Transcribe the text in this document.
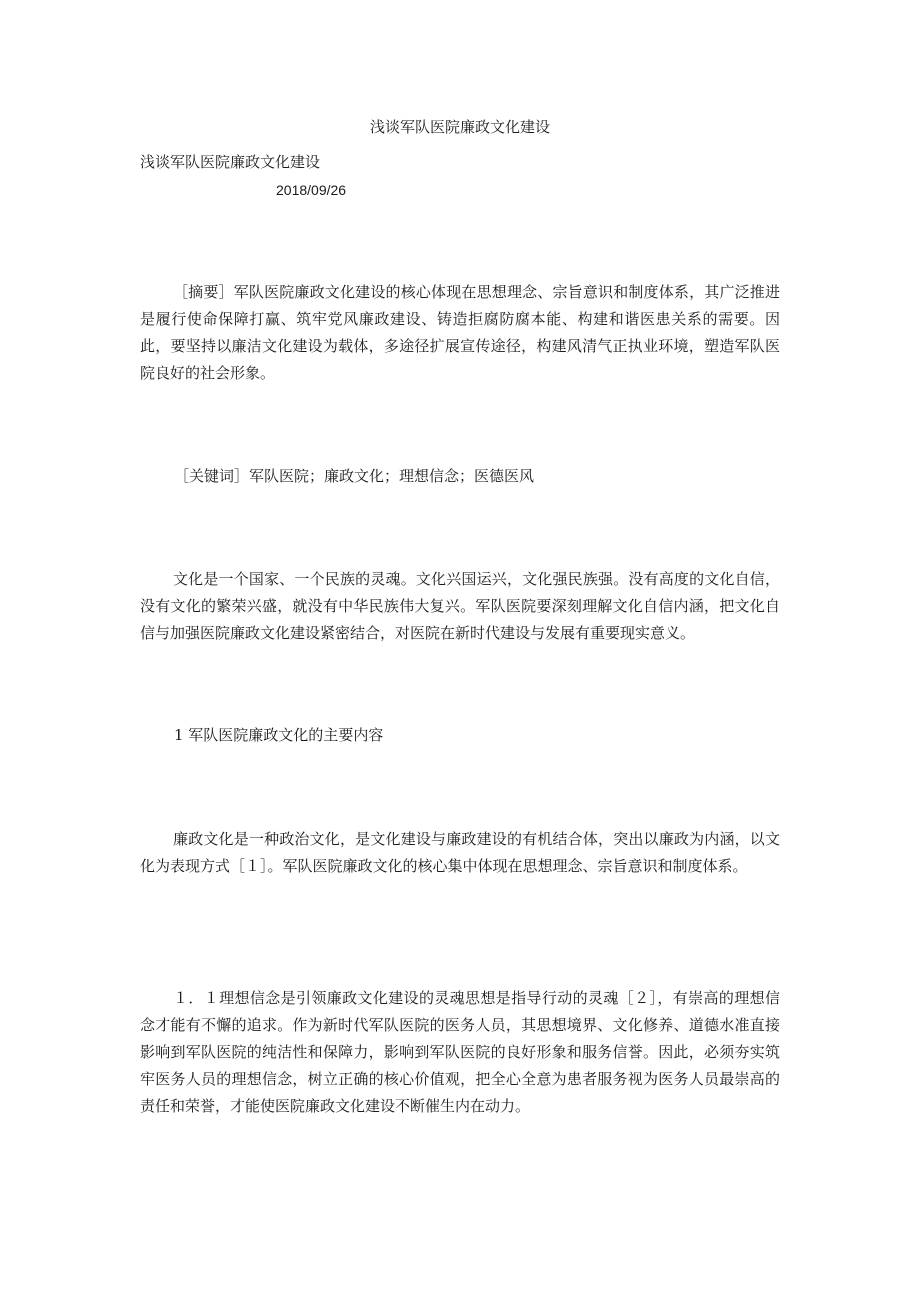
浅谈军队医院廉政文化建设
浅谈军队医院廉政文化建设
2018/09/26

［摘要］军队医院廉政文化建设的核心体现在思想理念、宗旨意识和制度体系，其广泛推进是履行使命保障打赢、筑牢党风廉政建设、铸造拒腐防腐本能、构建和谐医患关系的需要。因此，要坚持以廉洁文化建设为载体，多途径扩展宣传途径，构建风清气正执业环境，塑造军队医院良好的社会形象。

［关键词］军队医院；廉政文化；理想信念；医德医风

文化是一个国家、一个民族的灵魂。文化兴国运兴，文化强民族强。没有高度的文化自信，没有文化的繁荣兴盛，就没有中华民族伟大复兴。军队医院要深刻理解文化自信内涵，把文化自信与加强医院廉政文化建设紧密结合，对医院在新时代建设与发展有重要现实意义。

1 军队医院廉政文化的主要内容

廉政文化是一种政治文化，是文化建设与廉政建设的有机结合体，突出以廉政为内涵，以文化为表现方式［１］。军队医院廉政文化的核心集中体现在思想理念、宗旨意识和制度体系。

１．１理想信念是引领廉政文化建设的灵魂思想是指导行动的灵魂［２］，有崇高的理想信念才能有不懈的追求。作为新时代军队医院的医务人员，其思想境界、文化修养、道德水准直接影响到军队医院的纯洁性和保障力，影响到军队医院的良好形象和服务信誉。因此，必须夯实筑牢医务人员的理想信念，树立正确的核心价值观，把全心全意为患者服务视为医务人员最崇高的责任和荣誉，才能使医院廉政文化建设不断催生内在动力。
